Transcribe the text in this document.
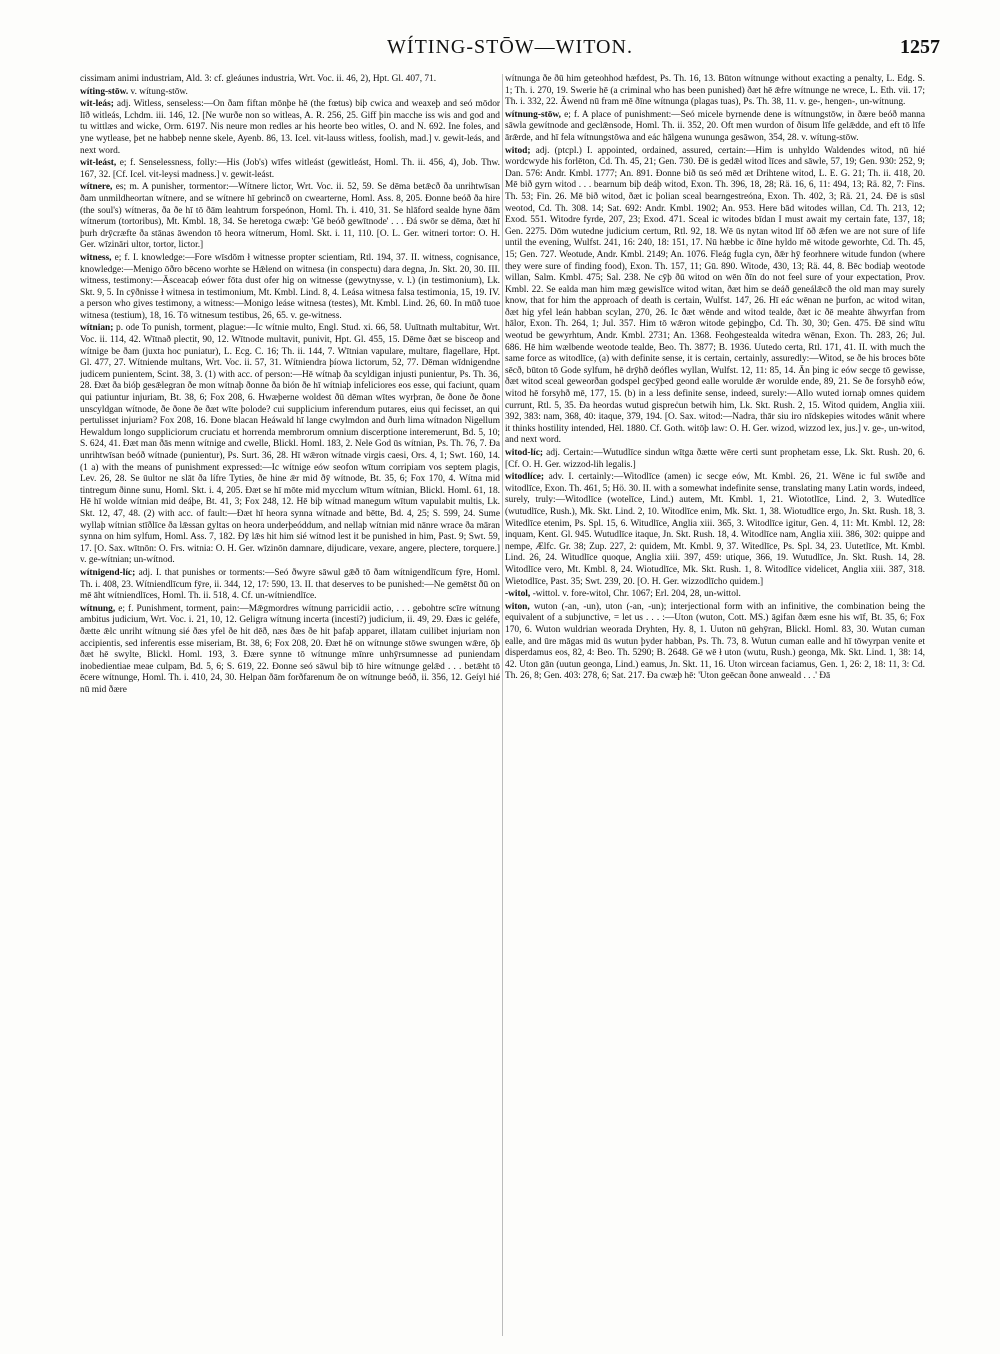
WÍTING-STŌW—WITON.	1257

cissimam animi industriam, Ald. 3: cf. gleáunes industria, Wrt. Voc. ii. 46, 2), Hpt. Gl. 407, 71.

wíting-stōw. v. wítung-stōw.

wit-leás; adj. Witless, senseless:—On ðam fiftan mōnþe hē (the fœtus) biþ cwica and weaxeþ and seó mōdor līð witleás, Lchdm. iii. 146, 12. [Ne wurðe non so witleas, A. R. 256, 25. Giff þin macche iss wis and god and tu wittlæs and wicke, Orm. 6197. Nis neure mon redles ar his heorte beo witles, O. and N. 692. Ine foles, and yne wytlease, þet ne habbeþ nenne skele, Ayenb. 86, 13. Icel. vit-lauss witless, foolish, mad.] v. gewit-leás, and next word.

wit-leást, e; f. Senselessness, folly:—His (Job's) wīfes witleást (gewitleást, Homl. Th. ii. 456, 4), Job. Thw. 167, 32. [Cf. Icel. vit-leysi madness.] v. gewit-leást.

wítnere, es; m. A punisher, tormentor:—Wítnere lictor, Wrt. Voc. ii. 52, 59. Se dēma betǣcð ða unrihtwīsan ðam unmildheortan wítnere, and se wítnere hī gebrincð on cwearterne, Homl. Ass. 8, 205. Ðonne beóð ða hire (the soul's) wítneras, ða ðe hī tō ðām leahtrum forspeónon, Homl. Th. i. 410, 31. Se hlāford sealde hyne ðām wítnerum (tortoribus), Mt. Kmbl. 18, 34. Se heretoga cwæþ: 'Gē beóð gewītnode' . . . Ðá swōr se dēma, ðæt hī þurh drȳcræfte ða stānas āwendon tō heora wítnerum, Homl. Skt. i. 11, 110. [O. L. Ger. witneri tortor: O. H. Ger. wīzināri ultor, tortor, lictor.]

witness, e; f. I. knowledge:—Fore wīsdōm ł witnesse propter scientiam, Rtl. 194, 37. II. witness, cognisance, knowledge:—Menigo ōðro bēceno worhte se Hǣlend on witnesa (in conspectu) dara degna, Jn. Skt. 20, 30. III. witness, testimony:—Āsceacaþ eówer fōta dust ofer hig on witnesse (gewytnysse, v. l.) (in testimonium), Lk. Skt. 9, 5. In cȳðnisse ł witnesa in testimonium, Mt. Kmbl. Lind. 8, 4. Leása witnesa falsa testimonia, 15, 19. IV. a person who gives testimony, a witness:—Monigo leáse witnesa (testes), Mt. Kmbl. Lind. 26, 60. In mūð tuoe witnesa (testium), 18, 16. Tō witnesum testibus, 26, 65. v. ge-witness.

wítnian; p. ode To punish, torment, plague:—Ic wítnie multo, Engl. Stud. xi. 66, 58. Uuītnath multabitur, Wrt. Voc. ii. 114, 42. Wītnað plectit, 90, 12. Wītnode multavit, punivit, Hpt. Gl. 455, 15. Dēme ðæt se bisceop and wítnige be ðam (juxta hoc puniatur), L. Ecg. C. 16; Th. ii. 144, 7. Wītnian vapulare, multare, flagellare, Hpt. Gl. 477, 27. Wítniende multans, Wrt. Voc. ii. 57, 31. Wítniendra þíowa lictorum, 52, 77. Dēman wīdnigendne judicem punientem, Scint. 38, 3. (1) with acc. of person:—Hē wítnaþ ða scyldigan injusti punientur, Ps. Th. 36, 28. Ðæt ða bióþ gesǣlegran ðe mon wítnaþ ðonne ða bión ðe hī wítniaþ infeliciores eos esse, qui faciunt, quam qui patiuntur injuriam, Bt. 38, 6; Fox 208, 6. Hwæþerne woldest ðū dēman wītes wyrþran, ðe ðone ðe ðone unscyldgan wítnode, ðe ðone ðe ðæt wīte þolode? cui supplicium inferendum putares, eius qui fecisset, an qui pertulisset injuriam? Fox 208, 16. Ðone blacan Heáwald hī lange cwylmdon and ðurh lima wítnadon Nigellum Hewaldum longo suppliciorum cruciatu et horrenda membrorum omnium discerptione interemerunt, Bd. 5, 10; S. 624, 41. Ðæt man ðās menn wítnige and cwelle, Blickl. Homl. 183, 2. Nele God ūs wítnian, Ps. Th. 76, 7. Ða unrihtwīsan beóð wítnade (punientur), Ps. Surt. 36, 28. Hī wǣron wítnade virgis caesi, Ors. 4, 1; Swt. 160, 14. (1 a) with the means of punishment expressed:—Ic wítnige eów seofon wītum corripiam vos septem plagis, Lev. 26, 28. Se ūultor ne slāt ða lífre Tyties, ðe hine ǣr mid ðȳ wítnode, Bt. 35, 6; Fox 170, 4. Wítna mid tintregum ðinne sunu, Homl. Skt. i. 4, 205. Ðæt se hī mōte mid mycclum wītum wítnian, Blickl. Homl. 61, 18. Hē hī wolde wítnian mid deáþe, Bt. 41, 3; Fox 248, 12. Hē biþ wítnad manegum wītum vapulabit multis, Lk. Skt. 12, 47, 48. (2) with acc. of fault:—Ðæt hī heora synna wítnade and bētte, Bd. 4, 25; S. 599, 24. Sume wyllaþ wítnian stīðlīce ða lǣssan gyltas on heora underþeóddum, and nellaþ wítnian mid nānre wrace ða māran synna on him sylfum, Homl. Ass. 7, 182. Ðȳ lǣs hit him sié wítnod lest it be punished in him, Past. 9; Swt. 59, 17. [O. Sax. wītnōn: O. Frs. witnia: O. H. Ger. wīzinōn damnare, dijudicare, vexare, angere, plectere, torquere.] v. ge-wítnian; un-wítnod.

wítnigend-líc; adj. I. that punishes or torments:—Seó ðwyre sāwul gǣð tō ðam wítnigendlīcum fȳre, Homl. Th. i. 408, 23. Wítniendlīcum fȳre, ii. 344, 12, 17: 590, 13. II. that deserves to be punished:—Ne gemētst ðū on mē āht wítniendlīces, Homl. Th. ii. 518, 4. Cf. un-wítniendlīce.

wítnung, e; f. Punishment, torment, pain:—Mǣgmordres wítnung parricidii actio, . . . gebohtre scīre wítnung ambitus judicium, Wrt. Voc. i. 21, 10, 12. Geligra wítnung incerta (incesti?) judicium, ii. 49, 29. Ðæs ic geléfe, ðætte ǣlc unriht wítnung sié ðæs yfel ðe hit dēð, næs ðæs ðe hit þafaþ apparet, illatam cuilibet injuriam non accipientis, sed inferentis esse miseriam, Bt. 38, 6; Fox 208, 20. Ðæt hē on wítnunge stōwe swungen wǣre, ōþ ðæt hē swylte, Blickl. Homl. 193, 3. Ðære synne tō wítnunge mīnre unhȳrsumnesse ad puniendam inobedientiae meae culpam, Bd. 5, 6; S. 619, 22. Ðonne seó sāwul biþ tō hire wítnunge gelǣd . . . betǣht tō ēcere wítnunge, Homl. Th. i. 410, 24, 30. Helpan ðām forðfarenum ðe on wítnunge beóð, ii. 356, 12. Geíyl hié nū mid ðære

wítnunga ðe ðū him geteohhod hæfdest, Ps. Th. 16, 13. Būton wítnunge without exacting a penalty, L. Edg. S. 1; Th. i. 270, 19. Swerie hē (a criminal who has been punished) ðæt hē ǣfre wítnunge ne wrece, L. Eth. vii. 17; Th. i. 332, 22. Āwend nū fram mē ðīne wítnunga (plagas tuas), Ps. Th. 38, 11. v. ge-, hengen-, un-wítnung.

wítnung-stōw, e; f. A place of punishment:—Seó micele byrnende dene is wítnungstōw, in ðære beóð manna sāwla gewítnode and geclǣnsode, Homl. Th. ii. 352, 20. Oft men wurdon of ðisum līfe gelǣdde, and eft tō līfe ārǣrde, and hī fela wítnungstōwa and eác hālgena wununga gesāwon, 354, 28. v. wítung-stōw.

witod; adj. (ptcpl.) I. appointed, ordained, assured, certain:—Him is unhyldo Waldendes witod, nū hié wordcwyde his forlēton, Cd. Th. 45, 21; Gen. 730. Ðē is gedǣl witod līces and sāwle, 57, 19; Gen. 930: 252, 9; Dan. 576: Andr. Kmbl. 1777; An. 891. Ðonne bið ūs seó mēd æt Drihtene witod, L. E. G. 21; Th. ii. 418, 20. Mē bið gyrn witod . . . bearnum biþ deáþ witod, Exon. Th. 396, 18, 28; Rä. 16, 6, 11: 494, 13; Rä. 82, 7: Fins. Th. 53; Fin. 26. Mē bið witod, ðæt ic þolian sceal bearngestreóna, Exon. Th. 402, 3; Rä. 21, 24. Ðē is sūsl weotod, Cd. Th. 308. 14; Sat. 692: Andr. Kmbl. 1902; An. 953. Here bād witodes willan, Cd. Th. 213, 12; Exod. 551. Witodre fyrde, 207, 23; Exod. 471. Sceal ic witodes bīdan I must await my certain fate, 137, 18; Gen. 2275. Dōm wutedne judicium certum, Rtl. 92, 18. Wē ūs nytan witod līf ōð ǣfen we are not sure of life until the evening, Wulfst. 241, 16: 240, 18: 151, 17. Nū hæbbe ic ðīne hyldo mē witode geworhte, Cd. Th. 45, 15; Gen. 727. Weotude, Andr. Kmbl. 2149; An. 1076. Fleág fugla cyn, ðǣr hȳ feorhnere witude fundon (where they were sure of finding food), Exon. Th. 157, 11; Gū. 890. Witode, 430, 13; Rä. 44, 8. Bēc bodiaþ weotode willan, Salm. Kmbl. 475; Sal. 238. Ne cȳþ ðū witod on wēn ðīn do not feel sure of your expectation, Prov. Kmbl. 22. Se ealda man him mæg gewislīce witod witan, ðæt him se deáð geneálǣcð the old man may surely know, that for him the approach of death is certain, Wulfst. 147, 26. Hī eác wēnan ne þurfon, ac witod witan, ðæt hig yfel leán habban scylan, 270, 26. Ic ðæt wēnde and witod tealde, ðæt ic ðē meahte āhwyrfan from hālor, Exon. Th. 264, 1; Jul. 357. Him tō wǣron witode geþingþo, Cd. Th. 30, 30; Gen. 475. Ðē sind wītu weotud be gewyrhtum, Andr. Kmbl. 2731; An. 1368. Feohgestealda witedra wēnan, Exon. Th. 283, 26; Jul. 686. Hē him wælbende weotode tealde, Beo. Th. 3877; B. 1936. Uutedo certa, Rtl. 171, 41. II. with much the same force as witodlīce, (a) with definite sense, it is certain, certainly, assuredly:—Witod, se ðe his broces bōte sēcð, būton tō Gode sylfum, hē drȳhð deófles wyllan, Wulfst. 12, 11: 85, 14. Ān þing ic eów secge tō gewisse, ðæt witod sceal geweorðan godspel gecȳþed geond ealle woruldе ǣr woruldе ende, 89, 21. Se ðe forsyhð eów, witod hē forsyhð mē, 177, 15. (b) in a less definite sense, indeed, surely:—Allo wuted iornaþ omnes quidem currunt, Rtl. 5, 35. Ða heordas wutud gispreċun betwih him, Lk. Skt. Rush. 2, 15. Witod quidem, Anglia xiii. 392, 383: nam, 368, 40: itaque, 379, 194. [O. Sax. witod:—Nadra, thār siu iro nīdskepies witodes wānit where it thinks hostility intended, Hēl. 1880. Cf. Goth. witōþ law: O. H. Ger. wizod, wizzod lex, jus.] v. ge-, un-witod, and next word.

witod-líc; adj. Certain:—Wutudlīce sindun wītga ðætte wēre certi sunt prophetam esse, Lk. Skt. Rush. 20, 6. [Cf. O. H. Ger. wizzod-lih legalis.]

witodlíce; adv. I. certainly:—Witodlīce (amen) ic secge eów, Mt. Kmbl. 26, 21. Wēne ic ful swīðe and witodlīce, Exon. Th. 461, 5; Hö. 30. II. with a somewhat indefinite sense, translating many Latin words, indeed, surely, truly:—Witodlīce (wotelīce, Lind.) autem, Mt. Kmbl. 1, 21. Wiototlīce, Lind. 2, 3. Wutedlīce (wutudlīce, Rush.), Mk. Skt. Lind. 2, 10. Witodlīce enim, Mk. Skt. 1, 38. Wiotudlīce ergo, Jn. Skt. Rush. 18, 3. Witedlīce etenim, Ps. Spl. 15, 6. Witudlīce, Anglia xiii. 365, 3. Witodlīce igitur, Gen. 4, 11: Mt. Kmbl. 12, 28: inquam, Kent. Gl. 945. Wutudlīce itaque, Jn. Skt. Rush. 18, 4. Witodlīce nam, Anglia xiii. 386, 302: quippe and nempe, Ælfc. Gr. 38; Zup. 227, 2: quidem, Mt. Kmbl. 9, 37. Witedlīce, Ps. Spl. 34, 23. Uutetlīce, Mt. Kmbl. Lind. 26, 24. Witudlīce quoque, Anglia xiii. 397, 459: utique, 366, 19. Wutudlīce, Jn. Skt. Rush. 14, 28. Witodlīce vero, Mt. Kmbl. 8, 24. Wiotudlīce, Mk. Skt. Rush. 1, 8. Witodlīce videlicet, Anglia xiii. 387, 318. Wietodlīce, Past. 35; Swt. 239, 20. [O. H. Ger. wizzodlīcho quidem.]

-witol, -wittol. v. fore-witol, Chr. 1067; Erl. 204, 28, un-wittol.

witon, wuton (-an, -un), uton (-an, -un); interjectional form with an infinitive, the combination being the equivalent of a subjunctive, = let us . . . :—Uton (wuton, Cott. MS.) āgifan ðæm esne his wīf, Bt. 35, 6; Fox 170, 6. Wuton wuldrian weorada Dryhten, Hy. 8, 1. Uuton nū gehȳran, Blickl. Homl. 83, 30. Wutan cuman ealle, and ūre māgas mid ūs wutun þyder habban, Ps. Th. 73, 8. Wutun cuman ealle and hī tōwyrpan venite et disperdamus eos, 82, 4: Beo. Th. 5290; B. 2648. Gē wē ł uton (wutu, Rush.) geonga, Mk. Skt. Lind. 1, 38: 14, 42. Uton gān (uutun geonga, Lind.) eamus, Jn. Skt. 11, 16. Uton wircean faciamus, Gen. 1, 26: 2, 18: 11, 3: Cd. Th. 26, 8; Gen. 403: 278, 6; Sat. 217. Ða cwæþ hē: 'Uton geēcan ðone anweald . . .' Ðā
